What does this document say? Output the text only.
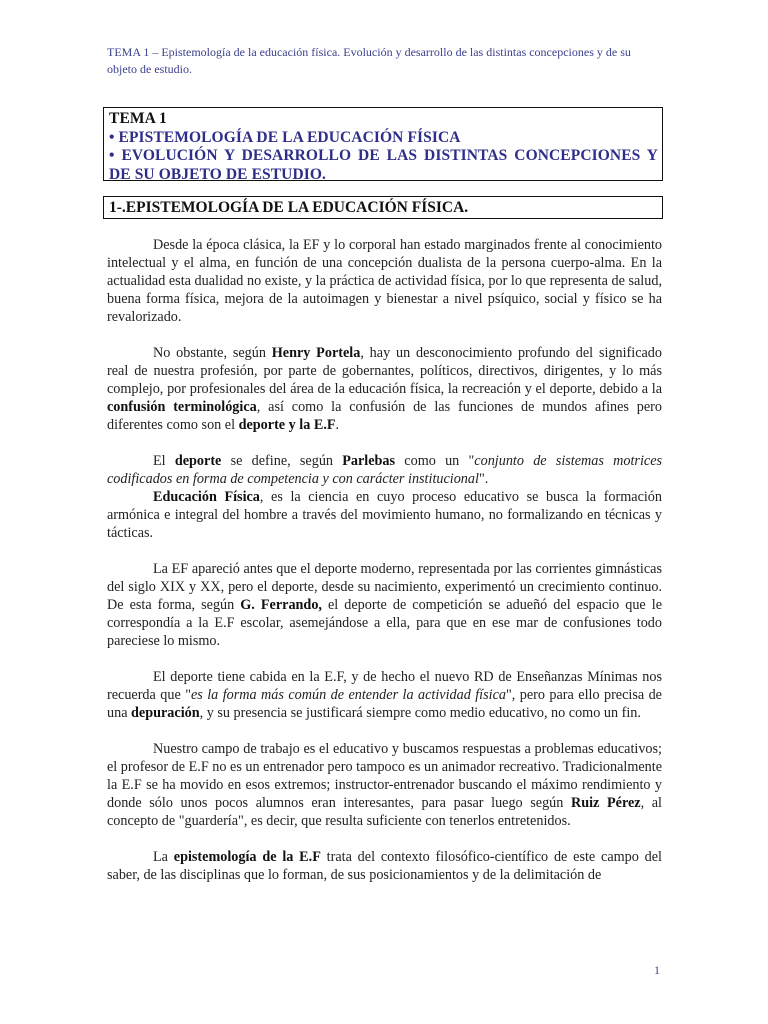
TEMA 1 – Epistemología de la educación física. Evolución y desarrollo de las distintas concepciones y de su objeto de estudio.
TEMA 1
• EPISTEMOLOGÍA DE LA EDUCACIÓN FÍSICA
• EVOLUCIÓN Y DESARROLLO DE LAS DISTINTAS CONCEPCIONES Y DE SU OBJETO DE ESTUDIO.
1-.EPISTEMOLOGÍA DE LA EDUCACIÓN FÍSICA.

Desde la época clásica, la EF y lo corporal han estado marginados frente al conocimiento intelectual y el alma, en función de una concepción dualista de la persona cuerpo-alma. En la actualidad esta dualidad no existe, y la práctica de actividad física, por lo que representa de salud, buena forma física, mejora de la autoimagen y bienestar a nivel psíquico, social y físico se ha revalorizado.

No obstante, según Henry Portela, hay un desconocimiento profundo del significado real de nuestra profesión, por parte de gobernantes, políticos, directivos, dirigentes, y lo más complejo, por profesionales del área de la educación física, la recreación y el deporte, debido a la confusión terminológica, así como la confusión de las funciones de mundos afines pero diferentes como son el deporte y la E.F.

El deporte se define, según Parlebas como un "conjunto de sistemas motrices codificados en forma de competencia y con carácter institucional".

Educación Física, es la ciencia en cuyo proceso educativo se busca la formación armónica e integral del hombre a través del movimiento humano, no formalizando en técnicas y tácticas.

La EF apareció antes que el deporte moderno, representada por las corrientes gimnásticas del siglo XIX y XX, pero el deporte, desde su nacimiento, experimentó un crecimiento continuo. De esta forma, según G. Ferrando, el deporte de competición se adueñó del espacio que le correspondía a la E.F escolar, asemejándose a ella, para que en ese mar de confusiones todo pareciese lo mismo.

El deporte tiene cabida en la E.F, y de hecho el nuevo RD de Enseñanzas Mínimas nos recuerda que "es la forma más común de entender la actividad física", pero para ello precisa de una depuración, y su presencia se justificará siempre como medio educativo, no como un fin.

Nuestro campo de trabajo es el educativo y buscamos respuestas a problemas educativos; el profesor de E.F no es un entrenador pero tampoco es un animador recreativo. Tradicionalmente la E.F se ha movido en esos extremos; instructor-entrenador buscando el máximo rendimiento y donde sólo unos pocos alumnos eran interesantes, para pasar luego según Ruiz Pérez, al concepto de "guardería", es decir, que resulta suficiente con tenerlos entretenidos.

La epistemología de la E.F trata del contexto filosófico-científico de este campo del saber, de las disciplinas que lo forman, de sus posicionamientos y de la delimitación de

1
